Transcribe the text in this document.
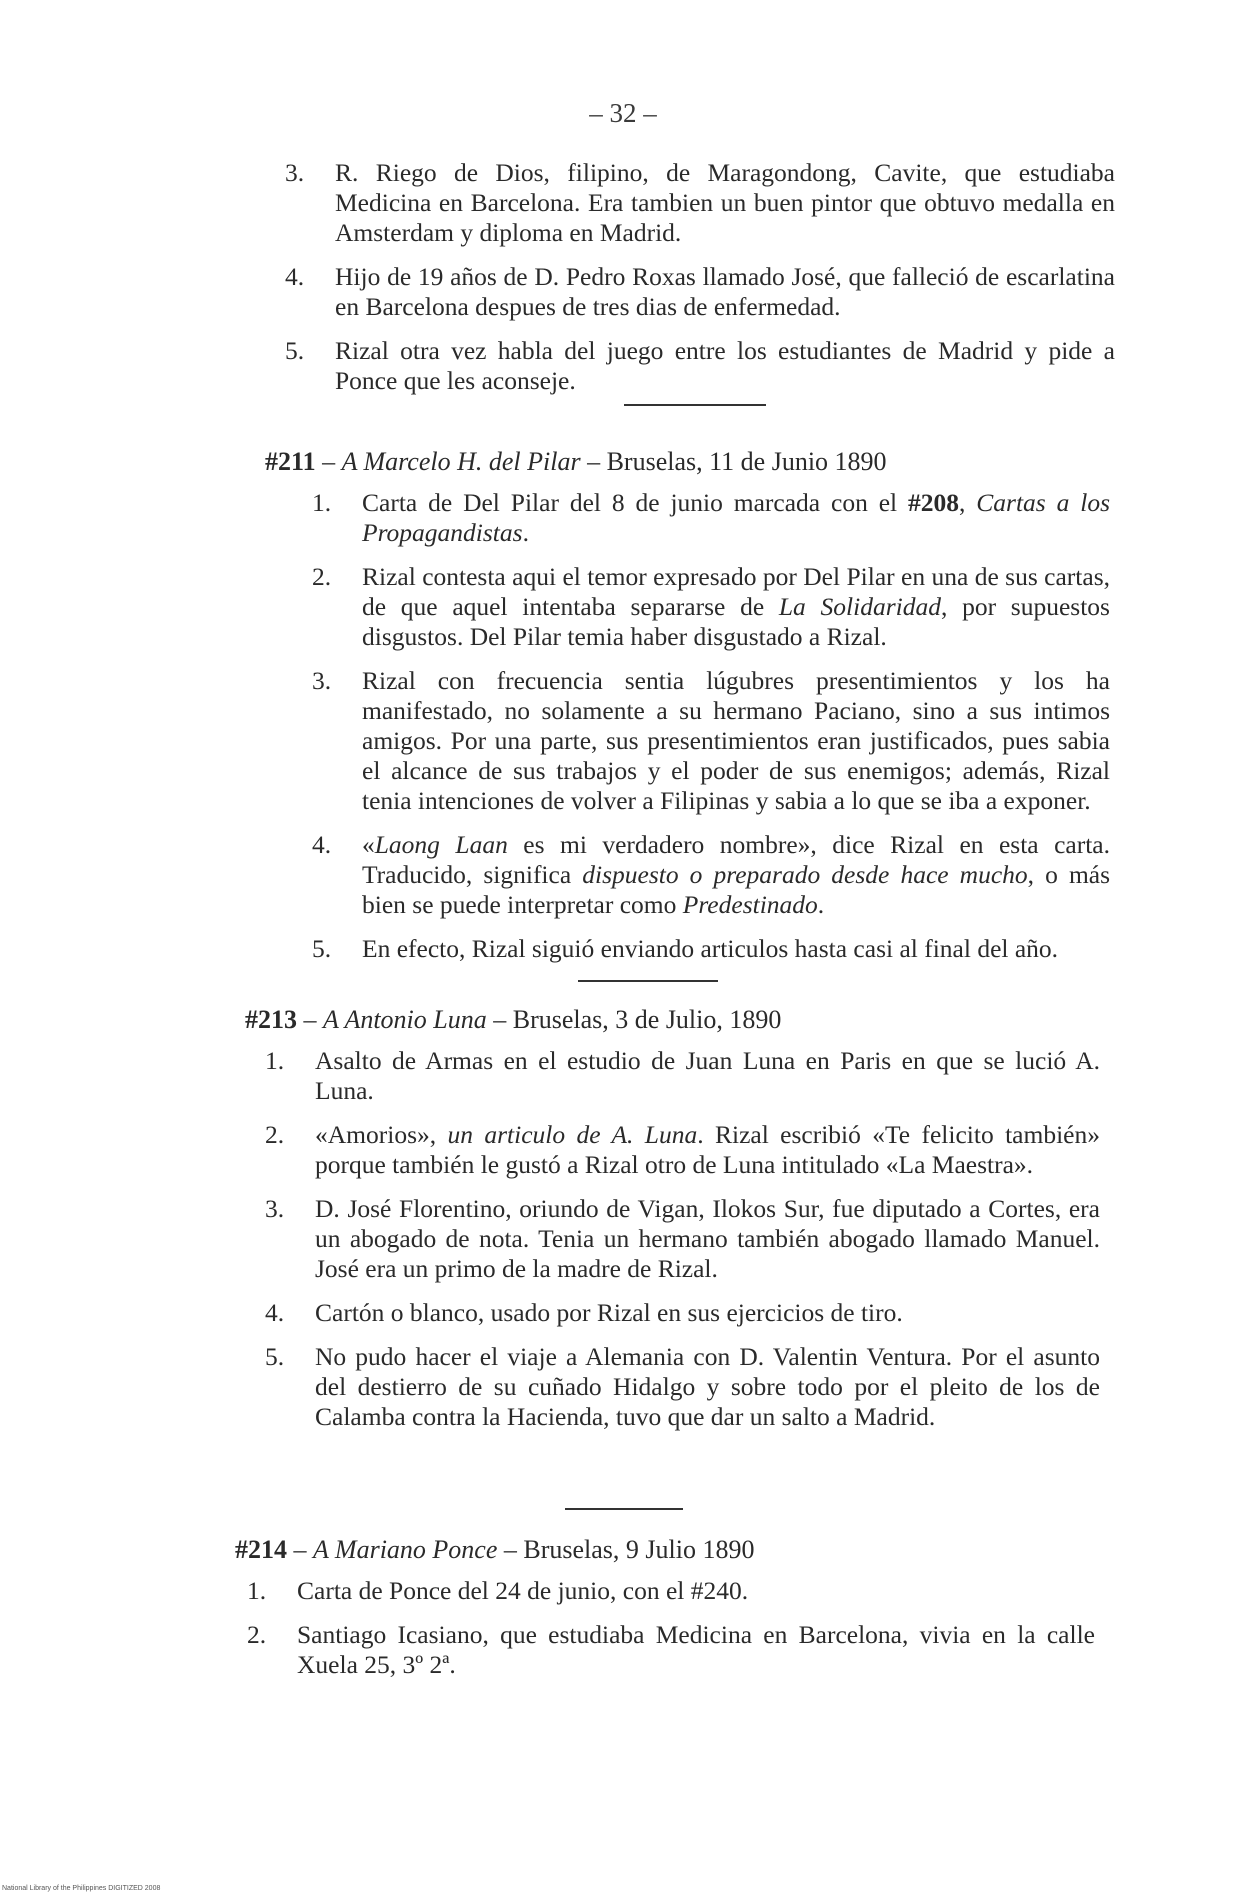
– 32 –
3. R. Riego de Dios, filipino, de Maragondong, Cavite, que estudiaba Medicina en Barcelona. Era tambien un buen pintor que obtuvo medalla en Amsterdam y diploma en Madrid.
4. Hijo de 19 años de D. Pedro Roxas llamado José, que falleció de escarlatina en Barcelona despues de tres dias de enfermedad.
5. Rizal otra vez habla del juego entre los estudiantes de Madrid y pide a Ponce que les aconseje.
#211 – A Marcelo H. del Pilar – Bruselas, 11 de Junio 1890
1. Carta de Del Pilar del 8 de junio marcada con el #208, Cartas a los Propagandistas.
2. Rizal contesta aqui el temor expresado por Del Pilar en una de sus cartas, de que aquel intentaba separarse de La Solidaridad, por supuestos disgustos. Del Pilar temia haber disgustado a Rizal.
3. Rizal con frecuencia sentia lúgubres presentimientos y los ha manifestado, no solamente a su hermano Paciano, sino a sus intimos amigos. Por una parte, sus presentimientos eran justificados, pues sabia el alcance de sus trabajos y el poder de sus enemigos; además, Rizal tenia intenciones de volver a Filipinas y sabia a lo que se iba a exponer.
4. «Laong Laan es mi verdadero nombre», dice Rizal en esta carta. Traducido, significa dispuesto o preparado desde hace mucho, o más bien se puede interpretar como Predestinado.
5. En efecto, Rizal siguió enviando articulos hasta casi al final del año.
#213 – A Antonio Luna – Bruselas, 3 de Julio, 1890
1. Asalto de Armas en el estudio de Juan Luna en Paris en que se lució A. Luna.
2. «Amorios», un articulo de A. Luna. Rizal escribió «Te felicito también» porque también le gustó a Rizal otro de Luna intitulado «La Maestra».
3. D. José Florentino, oriundo de Vigan, Ilokos Sur, fue diputado a Cortes, era un abogado de nota. Tenia un hermano también abogado llamado Manuel. José era un primo de la madre de Rizal.
4. Cartón o blanco, usado por Rizal en sus ejercicios de tiro.
5. No pudo hacer el viaje a Alemania con D. Valentin Ventura. Por el asunto del destierro de su cuñado Hidalgo y sobre todo por el pleito de los de Calamba contra la Hacienda, tuvo que dar un salto a Madrid.
#214 – A Mariano Ponce – Bruselas, 9 Julio 1890
1. Carta de Ponce del 24 de junio, con el #240.
2. Santiago Icasiano, que estudiaba Medicina en Barcelona, vivia en la calle Xuela 25, 3º 2ª.
National Library of the Philippines DIGITIZED 2008
